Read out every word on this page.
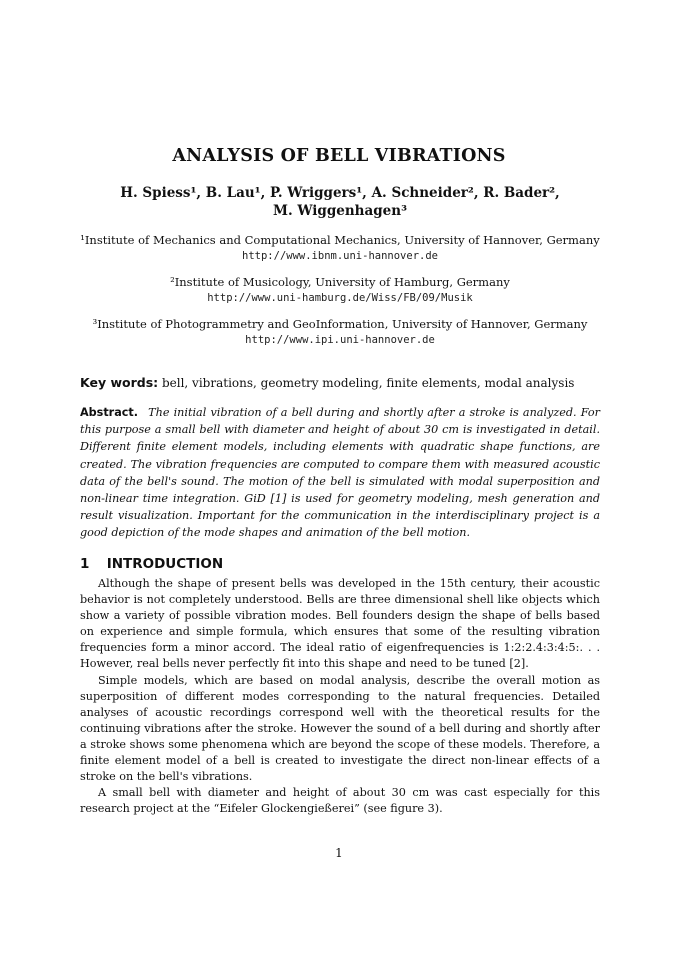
ANALYSIS OF BELL VIBRATIONS
H. Spiess¹, B. Lau¹, P. Wriggers¹, A. Schneider², R. Bader², M. Wiggenhagen³
¹Institute of Mechanics and Computational Mechanics, University of Hannover, Germany
http://www.ibnm.uni-hannover.de
²Institute of Musicology, University of Hamburg, Germany
http://www.uni-hamburg.de/Wiss/FB/09/Musik
³Institute of Photogrammetry and GeoInformation, University of Hannover, Germany
http://www.ipi.uni-hannover.de
Key words: bell, vibrations, geometry modeling, finite elements, modal analysis
Abstract. The initial vibration of a bell during and shortly after a stroke is analyzed. For this purpose a small bell with diameter and height of about 30 cm is investigated in detail. Different finite element models, including elements with quadratic shape functions, are created. The vibration frequencies are computed to compare them with measured acoustic data of the bell's sound. The motion of the bell is simulated with modal superposition and non-linear time integration. GiD [1] is used for geometry modeling, mesh generation and result visualization. Important for the communication in the interdisciplinary project is a good depiction of the mode shapes and animation of the bell motion.
1 INTRODUCTION

Although the shape of present bells was developed in the 15th century, their acoustic behavior is not completely understood. Bells are three dimensional shell like objects which show a variety of possible vibration modes. Bell founders design the shape of bells based on experience and simple formula, which ensures that some of the resulting vibration frequencies form a minor accord. The ideal ratio of eigenfrequencies is 1:2:2.4:3:4:5:. . . However, real bells never perfectly fit into this shape and need to be tuned [2].

Simple models, which are based on modal analysis, describe the overall motion as superposition of different modes corresponding to the natural frequencies. Detailed analyses of acoustic recordings correspond well with the theoretical results for the continuing vibrations after the stroke. However the sound of a bell during and shortly after a stroke shows some phenomena which are beyond the scope of these models. Therefore, a finite element model of a bell is created to investigate the direct non-linear effects of a stroke on the bell's vibrations.

A small bell with diameter and height of about 30 cm was cast especially for this research project at the “Eifeler Glockengießerei” (see figure 3).

1
